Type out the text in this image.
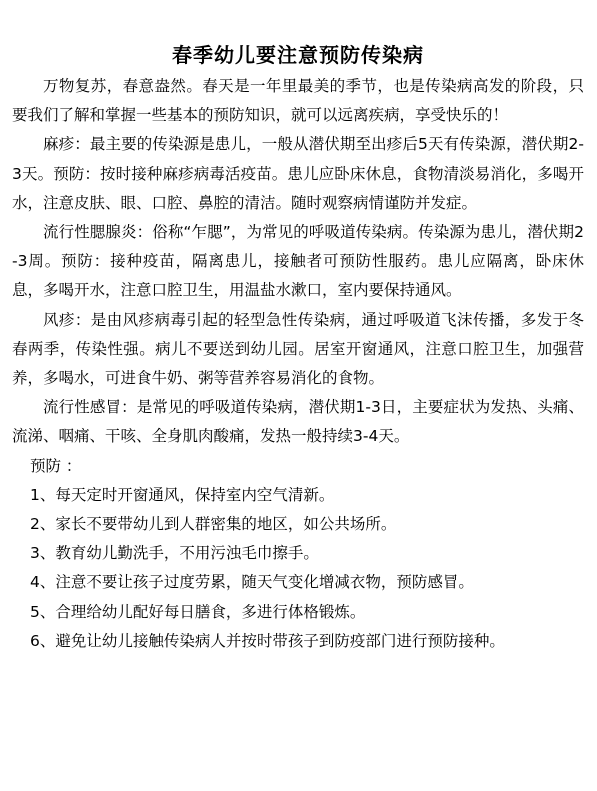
春季幼儿要注意预防传染病

万物复苏，春意盎然。春天是一年里最美的季节，也是传染病高发的阶段，只要我们了解和掌握一些基本的预防知识，就可以远离疾病，享受快乐的！

麻疹：最主要的传染源是患儿，一般从潜伏期至出疹后5天有传染源，潜伏期2-3天。预防：按时接种麻疹病毒活疫苗。患儿应卧床休息，食物清淡易消化，多喝开水，注意皮肤、眼、口腔、鼻腔的清洁。随时观察病情谨防并发症。

流行性腮腺炎：俗称“乍腮”，为常见的呼吸道传染病。传染源为患儿，潜伏期2-3周。预防：接种疫苗，隔离患儿，接触者可预防性服药。患儿应隔离，卧床休息，多喝开水，注意口腔卫生，用温盐水漱口，室内要保持通风。

风疹：是由风疹病毒引起的轻型急性传染病，通过呼吸道飞沫传播，多发于冬春两季，传染性强。病儿不要送到幼儿园。居室开窗通风，注意口腔卫生，加强营养，多喝水，可进食牛奶、粥等营养容易消化的食物。

流行性感冒：是常见的呼吸道传染病，潜伏期1-3日，主要症状为发热、头痛、流涕、咽痛、干咳、全身肌肉酸痛，发热一般持续3-4天。

预防 ：

1、每天定时开窗通风，保持室内空气清新。
2、家长不要带幼儿到人群密集的地区，如公共场所。
3、教育幼儿勤洗手，不用污浊毛巾擦手。
4、注意不要让孩子过度劳累，随天气变化增减衣物，预防感冒。
5、合理给幼儿配好每日膳食，多进行体格锻炼。
6、避免让幼儿接触传染病人并按时带孩子到防疫部门进行预防接种。
